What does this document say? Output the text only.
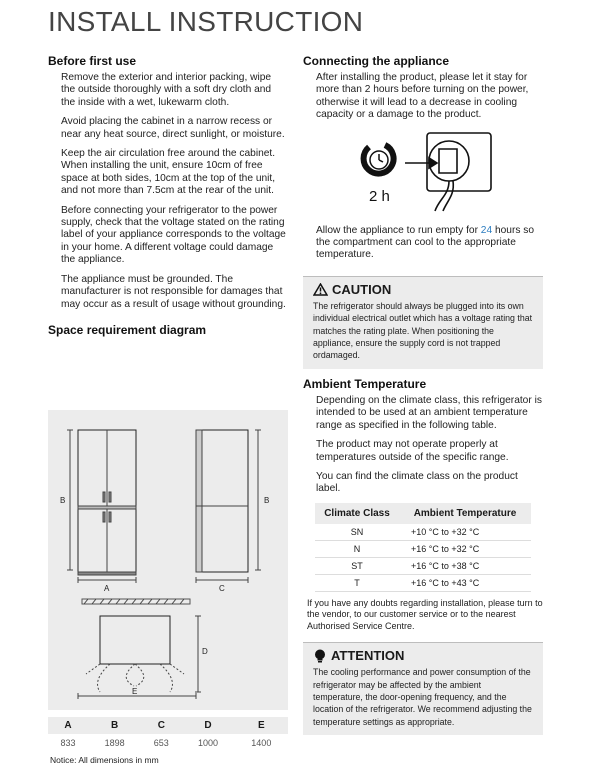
INSTALL INSTRUCTION
Before first use

Remove the exterior and interior packing, wipe the outside thoroughly with a soft dry cloth and the inside with a wet, lukewarm cloth.

Avoid placing the cabinet in a narrow recess or near any heat source, direct sunlight, or moisture.

Keep the air circulation free around the cabinet. When installing the unit, ensure 10cm of free space at both sides, 10cm at the top of the unit, and not more than 7.5cm at the rear of the unit.

Before connecting your refrigerator to the power supply, check that the voltage stated on the rating label of your appliance corresponds to the voltage in your home. A different voltage could damage the appliance.

The appliance must be grounded. The manufacturer is not responsible for damages that may occur as a result of usage without grounding.

Space requirement diagram
B
A
B
C
D
E
A	B	C	D	E
833	1898	653	1000	1400
Notice: All dimensions in mm
Connecting the appliance

After installing the product, please let it stay for more than 2 hours before turning on the power, otherwise it will lead to a decrease in cooling capacity or a damage to the product.

2 h

Allow the appliance to run empty for 24 hours so the compartment can cool to the appropriate temperature.

CAUTION

The refrigerator should always be plugged into its own individual electrical outlet which has a voltage rating that matches the rating plate. When positioning the appliance, ensure the supply cord is not trapped ordamaged.

Ambient Temperature

Depending on the climate class, this refrigerator is intended to be used at an ambient temperature range as specified in the following table.

The product may not operate properly at temperatures outside of the specific range.

You can find the climate class on the product label.

Climate Class	Ambient Temperature
SN	+10 °C to +32 °C
N	+16 °C to +32 °C
ST	+16 °C to +38 °C
T	+16 °C to +43 °C

If you have any doubts regarding installation, please turn to the vendor, to our customer service or to the nearest Authorised Service Centre.

ATTENTION

The cooling performance and power consumption of the refrigerator may be affected by the ambient temperature, the door-opening frequency, and the location of the refrigerator. We recommend adjusting the temperature settings as appropriate.
